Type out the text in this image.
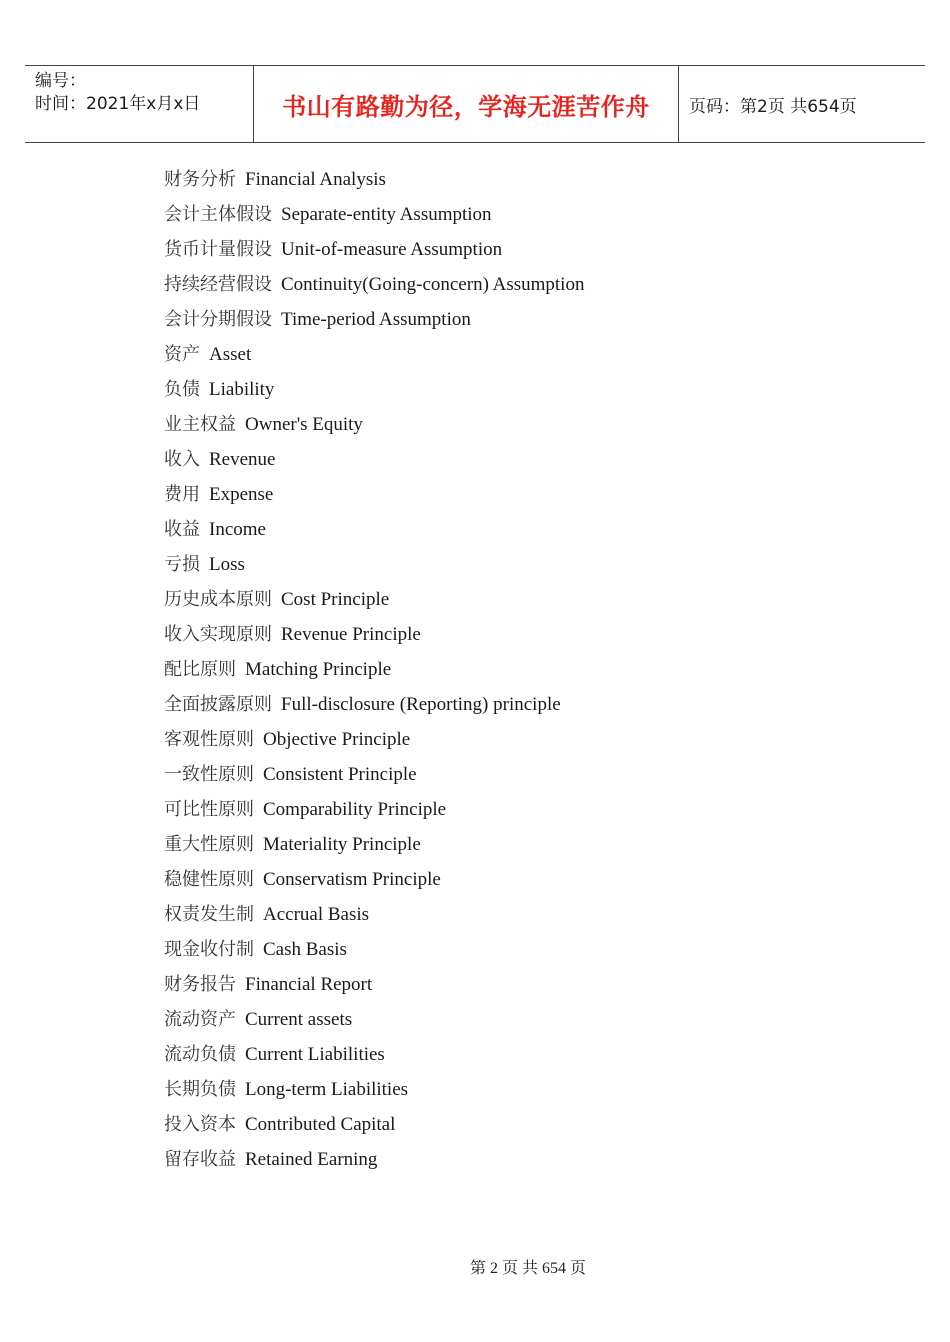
编号：
时间：2021年x月x日	书山有路勤为径，学海无涯苦作舟 页码：第2页 共654页
财务分析 Financial Analysis
会计主体假设 Separate-entity Assumption
货币计量假设 Unit-of-measure Assumption
持续经营假设 Continuity(Going-concern) Assumption
会计分期假设 Time-period Assumption
资产 Asset
负债 Liability
业主权益 Owner's Equity
收入 Revenue
费用 Expense
收益 Income
亏损 Loss
历史成本原则 Cost Principle
收入实现原则 Revenue Principle
配比原则 Matching Principle
全面披露原则 Full-disclosure (Reporting) principle
客观性原则 Objective Principle
一致性原则 Consistent Principle
可比性原则 Comparability Principle
重大性原则 Materiality Principle
稳健性原则 Conservatism Principle
权责发生制 Accrual Basis
现金收付制 Cash Basis
财务报告 Financial Report
流动资产 Current assets
流动负债 Current Liabilities
长期负债 Long-term Liabilities
投入资本 Contributed Capital
留存收益 Retained Earning
第 2 页 共 654 页
